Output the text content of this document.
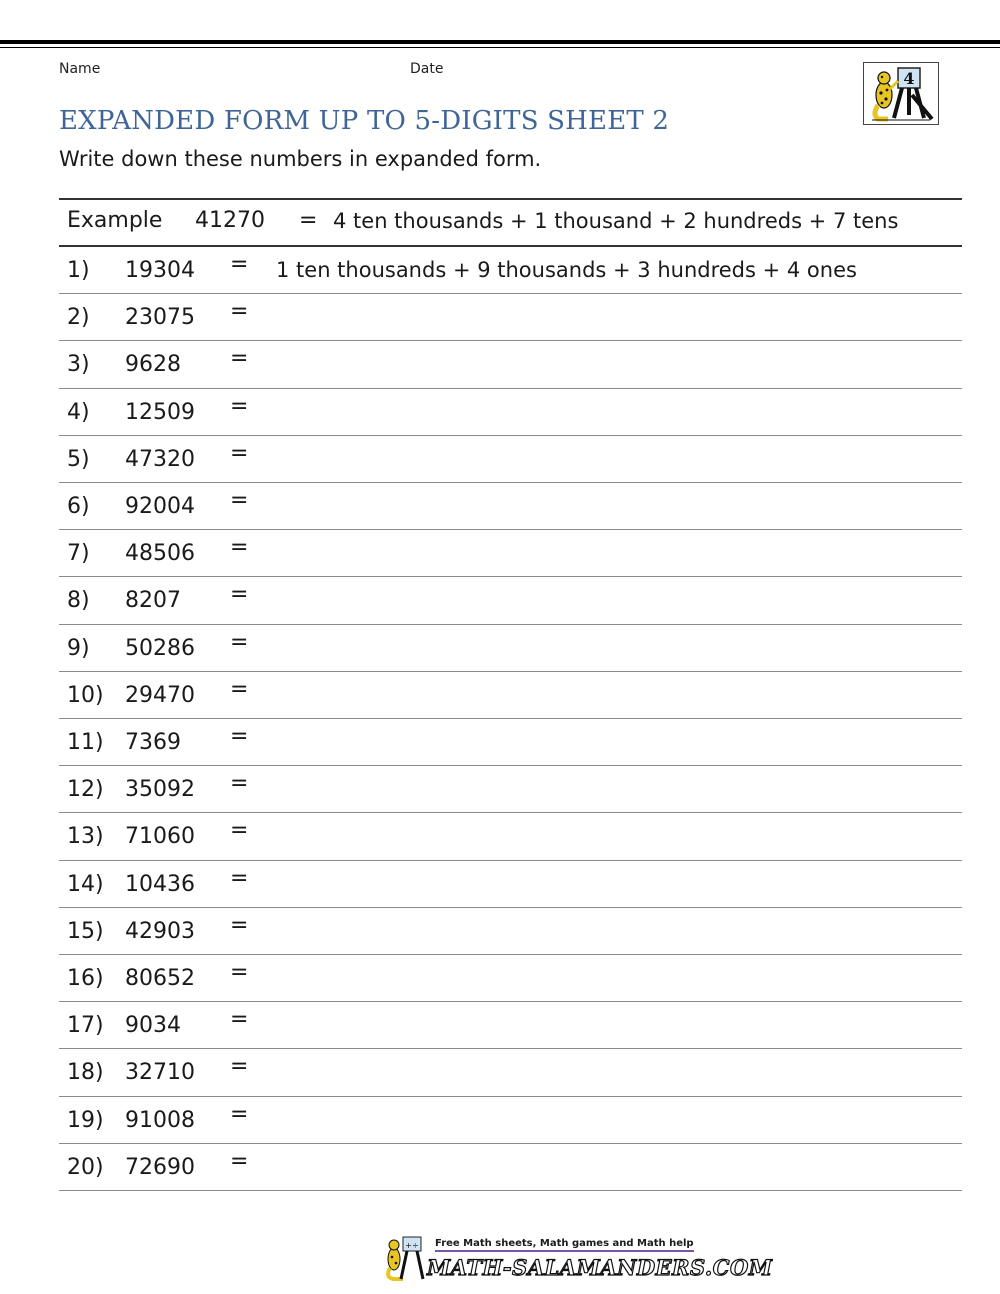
Name	Date	4
EXPANDED FORM UP TO 5-DIGITS SHEET 2
Write down these numbers in expanded form.
Example 41270 = 4 ten thousands + 1 thousand + 2 hundreds + 7 tens
1) 19304 = 1 ten thousands + 9 thousands + 3 hundreds + 4 ones
2) 23075 =
3) 9628 =
4) 12509 =
5) 47320 =
6) 92004 =
7) 48506 =
8) 8207 =
9) 50286 =
10) 29470 =
11) 7369 =
12) 35092 =
13) 71060 =
14) 10436 =
15) 42903 =
16) 80652 =
17) 9034 =
18) 32710 =
19) 91008 =
20) 72690 =
+÷ Free Math sheets, Math games and Math help
MATH-SALAMANDERS.COM
